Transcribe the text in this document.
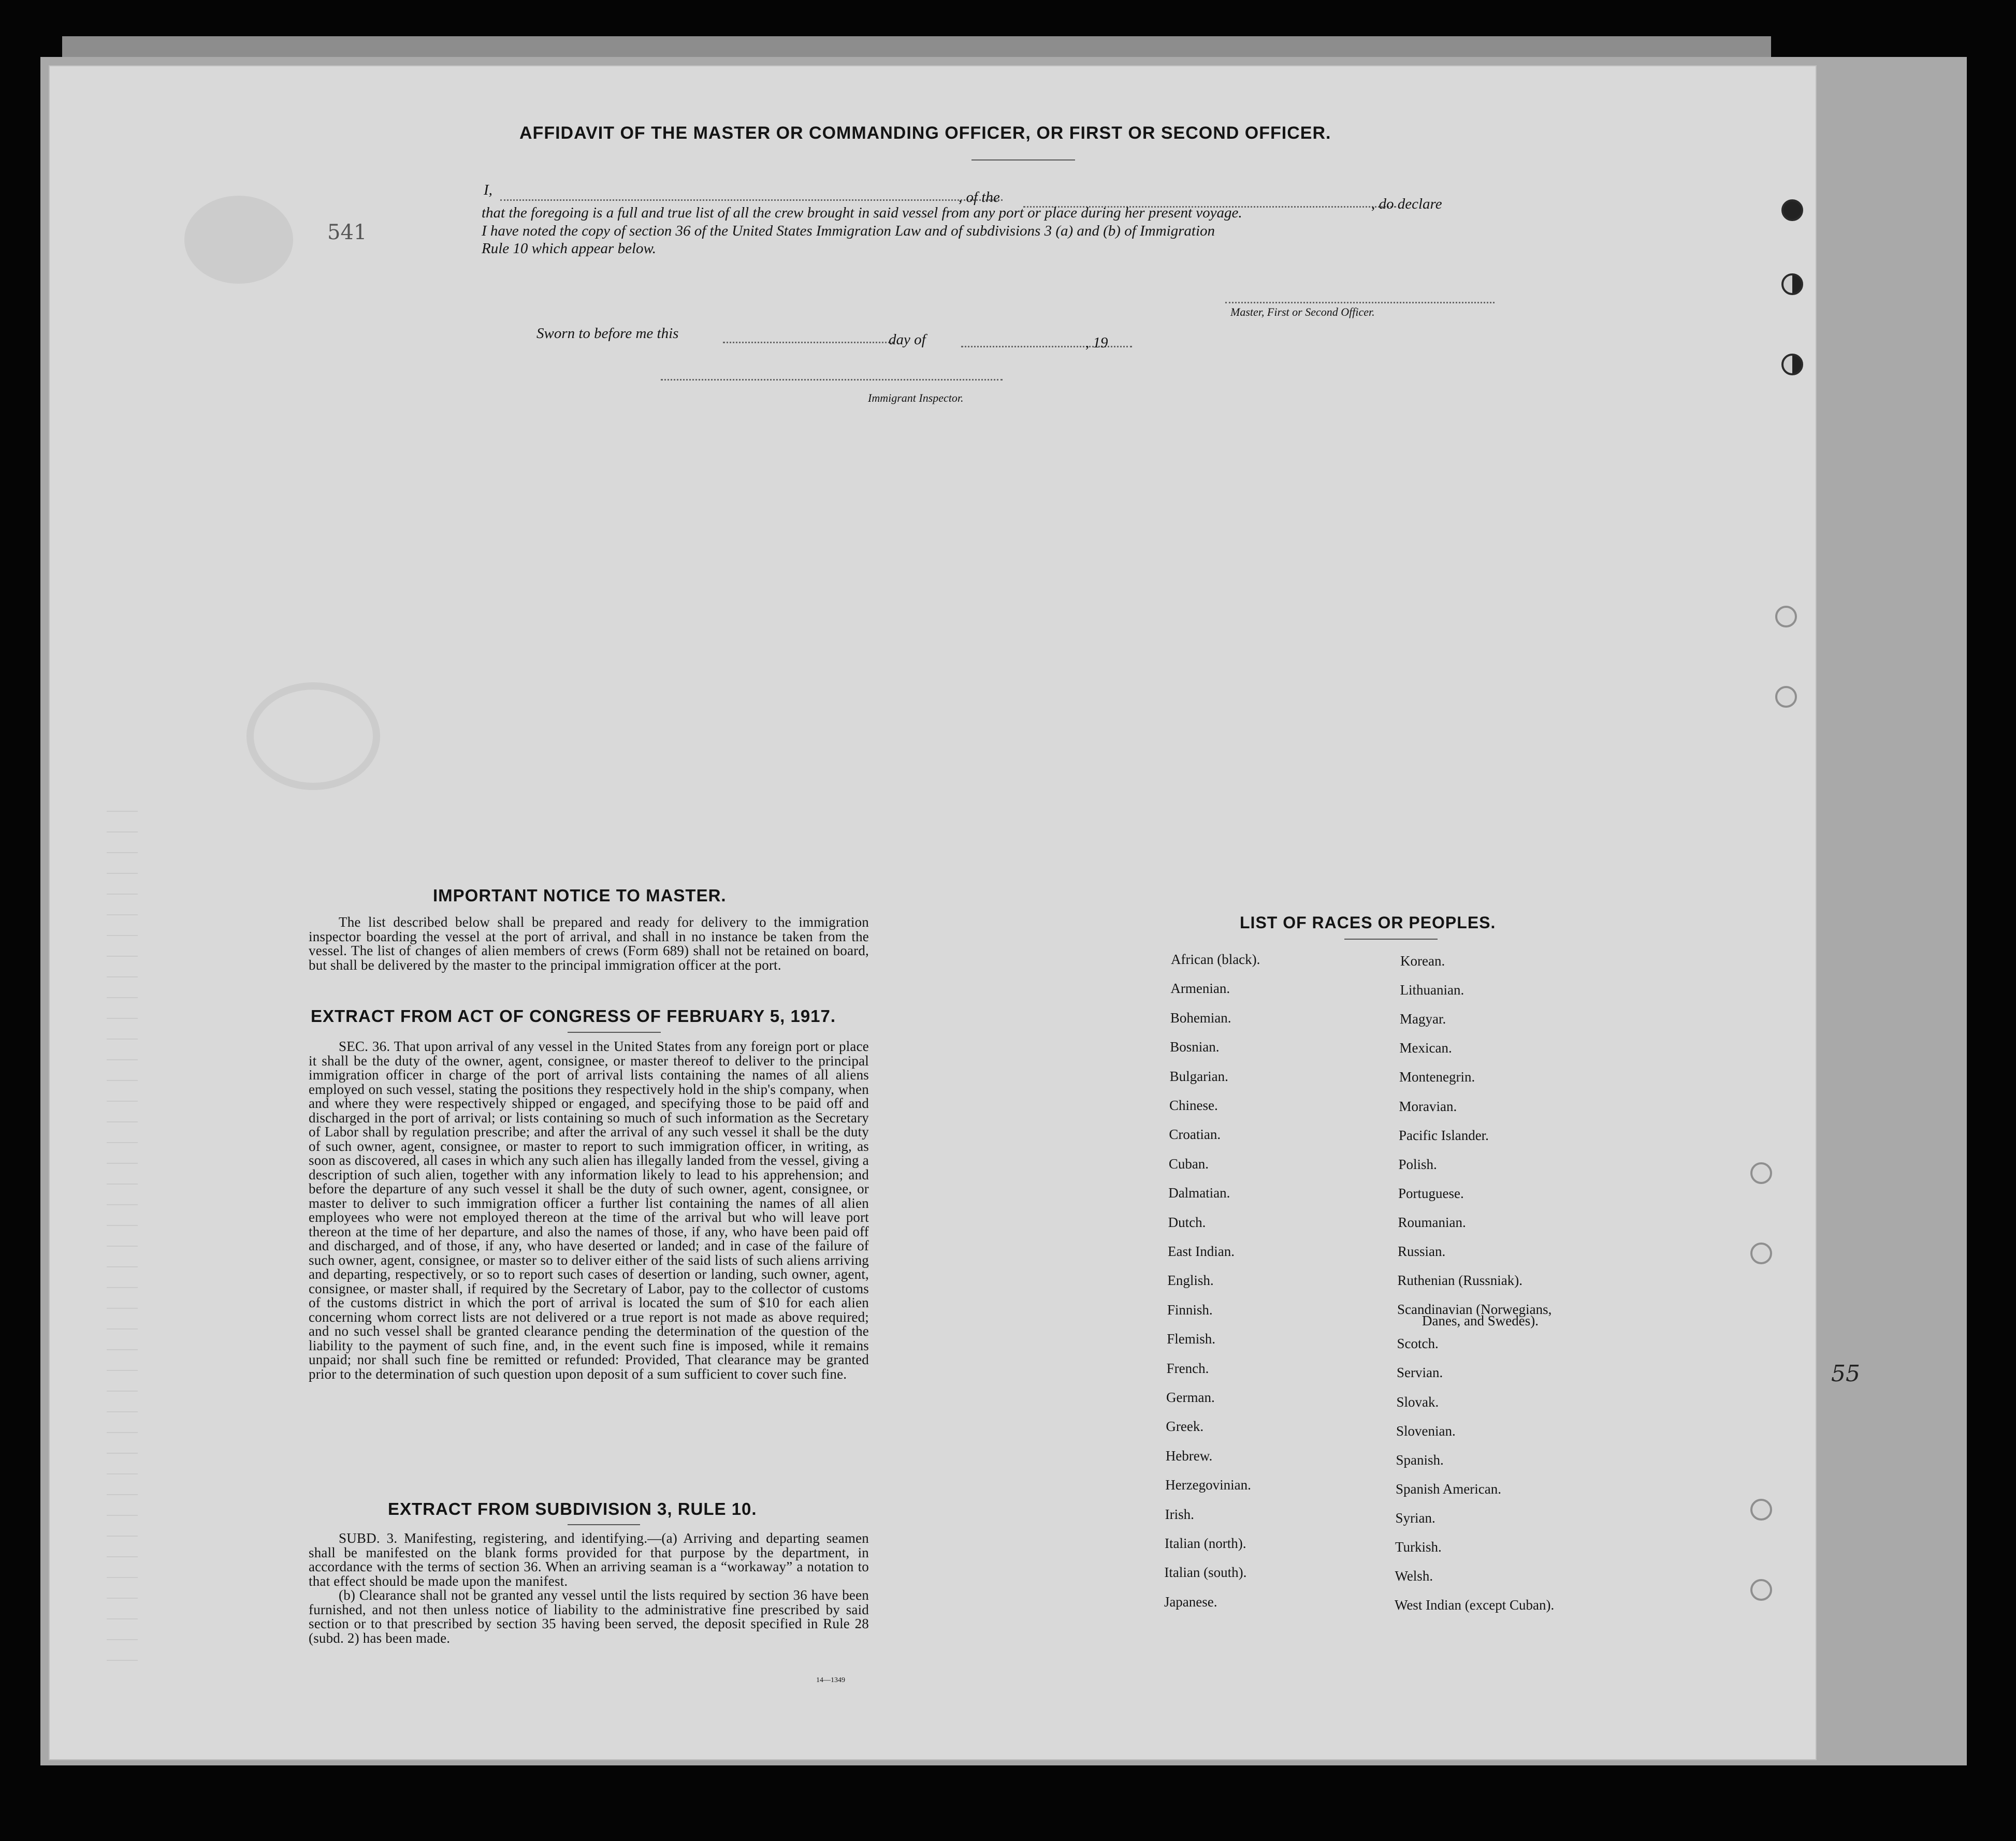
AFFIDAVIT OF THE MASTER OR COMMANDING OFFICER, OR FIRST OR SECOND OFFICER.
541
I,	, of the	, do declare
that the foregoing is a full and true list of all the crew brought in said vessel from any port or place during her present voyage.
I have noted the copy of section 36 of the United States Immigration Law and of subdivisions 3 (a) and (b) of Immigration
Rule 10 which appear below.
Master, First or Second Officer.
Sworn to before me this	day of	, 19
Immigrant Inspector.
IMPORTANT NOTICE TO MASTER.

The list described below shall be prepared and ready for delivery to the immigration inspector boarding the vessel at the port of arrival, and shall in no instance be taken from the vessel. The list of changes of alien members of crews (Form 689) shall not be retained on board, but shall be delivered by the master to the principal immigration officer at the port.

EXTRACT FROM ACT OF CONGRESS OF FEBRUARY 5, 1917.

SEC. 36. That upon arrival of any vessel in the United States from any foreign port or place it shall be the duty of the owner, agent, consignee, or master thereof to deliver to the principal immigration officer in charge of the port of arrival lists containing the names of all aliens employed on such vessel, stating the positions they respectively hold in the ship's company, when and where they were respectively shipped or engaged, and specifying those to be paid off and discharged in the port of arrival; or lists containing so much of such information as the Secretary of Labor shall by regulation prescribe; and after the arrival of any such vessel it shall be the duty of such owner, agent, consignee, or master to report to such immigration officer, in writing, as soon as discovered, all cases in which any such alien has illegally landed from the vessel, giving a description of such alien, together with any information likely to lead to his apprehension; and before the departure of any such vessel it shall be the duty of such owner, agent, consignee, or master to deliver to such immigration officer a further list containing the names of all alien employees who were not employed thereon at the time of the arrival but who will leave port thereon at the time of her departure, and also the names of those, if any, who have been paid off and discharged, and of those, if any, who have deserted or landed; and in case of the failure of such owner, agent, consignee, or master so to deliver either of the said lists of such aliens arriving and departing, respectively, or so to report such cases of desertion or landing, such owner, agent, consignee, or master shall, if required by the Secretary of Labor, pay to the collector of customs of the customs district in which the port of arrival is located the sum of $10 for each alien concerning whom correct lists are not delivered or a true report is not made as above required; and no such vessel shall be granted clearance pending the determination of the question of the liability to the payment of such fine, and, in the event such fine is imposed, while it remains unpaid; nor shall such fine be remitted or refunded: Provided, That clearance may be granted prior to the determination of such question upon deposit of a sum sufficient to cover such fine.

EXTRACT FROM SUBDIVISION 3, RULE 10.

SUBD. 3. Manifesting, registering, and identifying.—(a) Arriving and departing seamen shall be manifested on the blank forms provided for that purpose by the department, in accordance with the terms of section 36. When an arriving seaman is a “workaway” a notation to that effect should be made upon the manifest.

(b) Clearance shall not be granted any vessel until the lists required by section 36 have been furnished, and not then unless notice of liability to the administrative fine prescribed by said section or to that prescribed by section 35 having been served, the deposit specified in Rule 28 (subd. 2) has been made.

14—1349
LIST OF RACES OR PEOPLES.
African (black).
Armenian.
Bohemian.
Bosnian.
Bulgarian.
Chinese.
Croatian.
Cuban.
Dalmatian.
Dutch.
East Indian.
English.
Finnish.
Flemish.
French.
German.
Greek.
Hebrew.
Herzegovinian.
Irish.
Italian (north).
Italian (south).
Japanese.
Korean.
Lithuanian.
Magyar.
Mexican.
Montenegrin.
Moravian.
Pacific Islander.
Polish.
Portuguese.
Roumanian.
Russian.
Ruthenian (Russniak).
Scandinavian (Norwegians,
Scotch.
Servian.
Slovak.
Slovenian.
Spanish.
Spanish American.
Syrian.
Turkish.
Welsh.
West Indian (except Cuban).
Danes, and Swedes).
55
